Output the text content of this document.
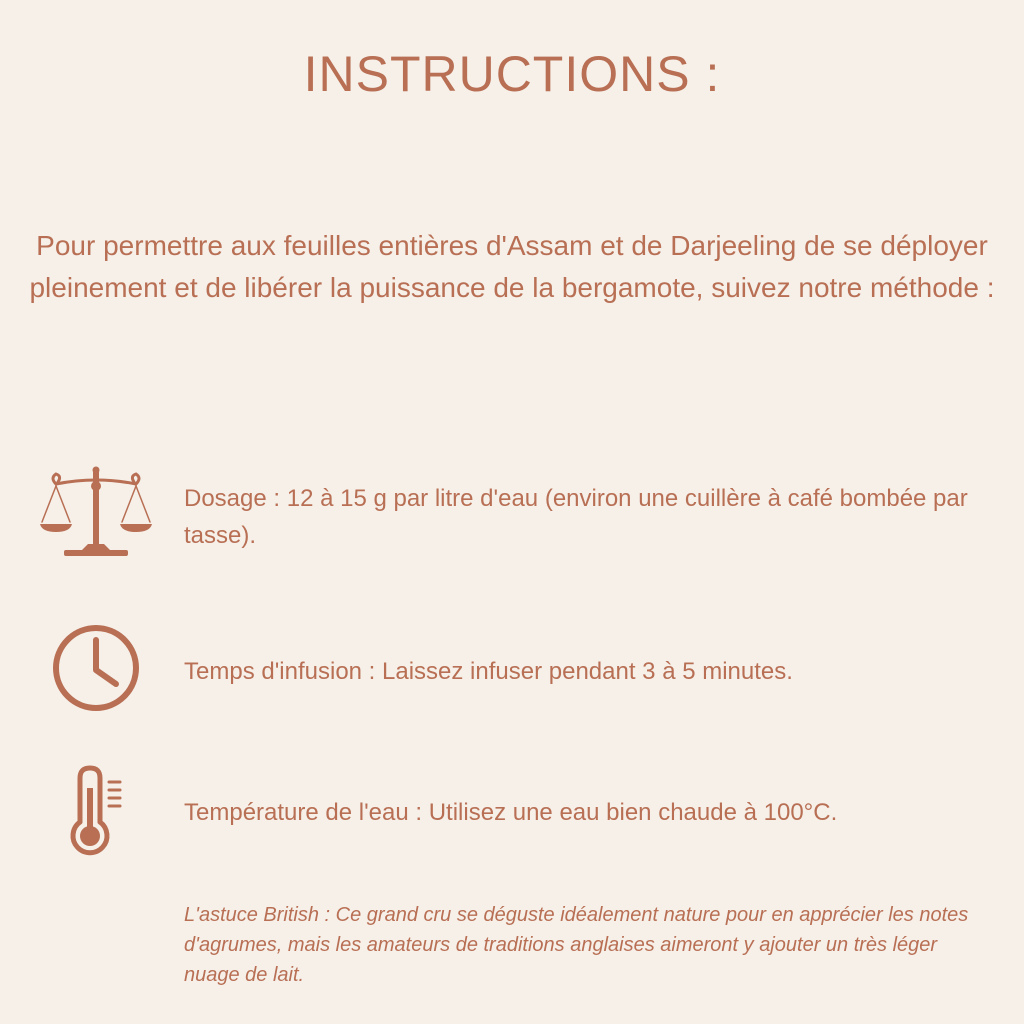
INSTRUCTIONS :

Pour permettre aux feuilles entières d'Assam et de Darjeeling de se déployer pleinement et de libérer la puissance de la bergamote, suivez notre méthode :

Dosage : 12 à 15 g par litre d'eau (environ une cuillère à café bombée par tasse).

Temps d'infusion : Laissez infuser pendant 3 à 5 minutes.

Température de l'eau : Utilisez une eau bien chaude à 100°C.

L'astuce British : Ce grand cru se déguste idéalement nature pour en apprécier les notes d'agrumes, mais les amateurs de traditions anglaises aimeront y ajouter un très léger nuage de lait.
